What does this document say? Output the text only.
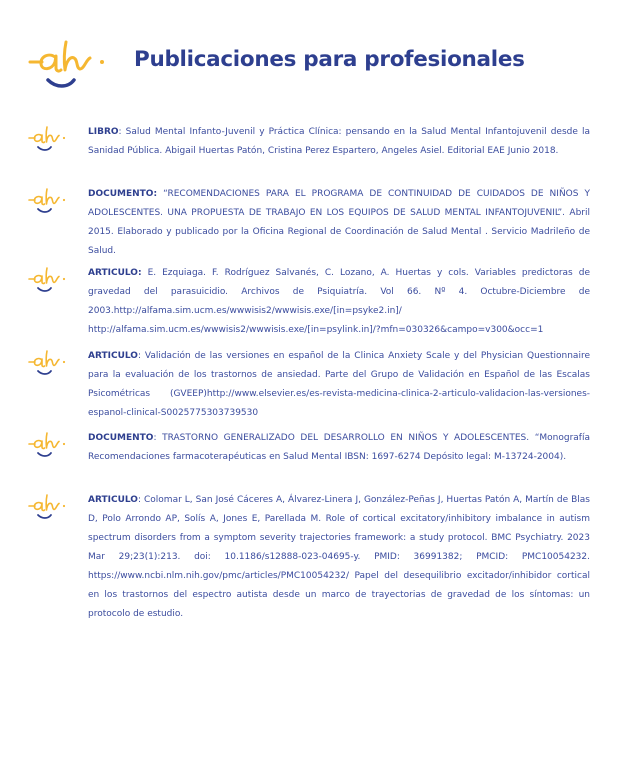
Publicaciones para profesionales
LIBRO: Salud Mental Infanto-Juvenil y Práctica Clínica: pensando en la Salud Mental Infantojuvenil desde la Sanidad Pública. Abigail Huertas Patón, Cristina Perez Espartero, Angeles Asiel. Editorial EAE Junio 2018.
DOCUMENTO: “RECOMENDACIONES PARA EL PROGRAMA DE CONTINUIDAD DE CUIDADOS DE NIÑOS Y ADOLESCENTES. UNA PROPUESTA DE TRABAJO EN LOS EQUIPOS DE SALUD MENTAL INFANTOJUVENIL”. Abril 2015. Elaborado y publicado por la Oficina Regional de Coordinación de Salud Mental . Servicio Madrileño de Salud.
ARTICULO: E. Ezquiaga. F. Rodríguez Salvanés, C. Lozano, A. Huertas y cols. Variables predictoras de gravedad del parasuicidio. Archivos de Psiquiatría. Vol 66. Nº 4. Octubre-Diciembre de 2003.http://alfama.sim.ucm.es/wwwisis2/wwwisis.exe/[in=psyke2.in]/ http://alfama.sim.ucm.es/wwwisis2/wwwisis.exe/[in=psylink.in]/?mfn=030326&campo=v300&occ=1
ARTICULO: Validación de las versiones en español de la Clinica Anxiety Scale y del Physician Questionnaire para la evaluación de los trastornos de ansiedad. Parte del Grupo de Validación en Español de las Escalas Psicométricas (GVEEP)http://www.elsevier.es/es-revista-medicina-clinica-2-articulo-validacion-las-versiones-espanol-clinical-S0025775303739530
DOCUMENTO: TRASTORNO GENERALIZADO DEL DESARROLLO EN NIÑOS Y ADOLESCENTES. “Monografía Recomendaciones farmacoterapéuticas en Salud Mental IBSN: 1697-6274 Depósito legal: M-13724-2004).
ARTICULO: Colomar L, San José Cáceres A, Álvarez-Linera J, González-Peñas J, Huertas Patón A, Martín de Blas D, Polo Arrondo AP, Solís A, Jones E, Parellada M. Role of cortical excitatory/inhibitory imbalance in autism spectrum disorders from a symptom severity trajectories framework: a study protocol. BMC Psychiatry. 2023 Mar 29;23(1):213. doi: 10.1186/s12888-023-04695-y. PMID: 36991382; PMCID: PMC10054232. https://www.ncbi.nlm.nih.gov/pmc/articles/PMC10054232/ Papel del desequilibrio excitador/inhibidor cortical en los trastornos del espectro autista desde un marco de trayectorias de gravedad de los síntomas: un protocolo de estudio.
